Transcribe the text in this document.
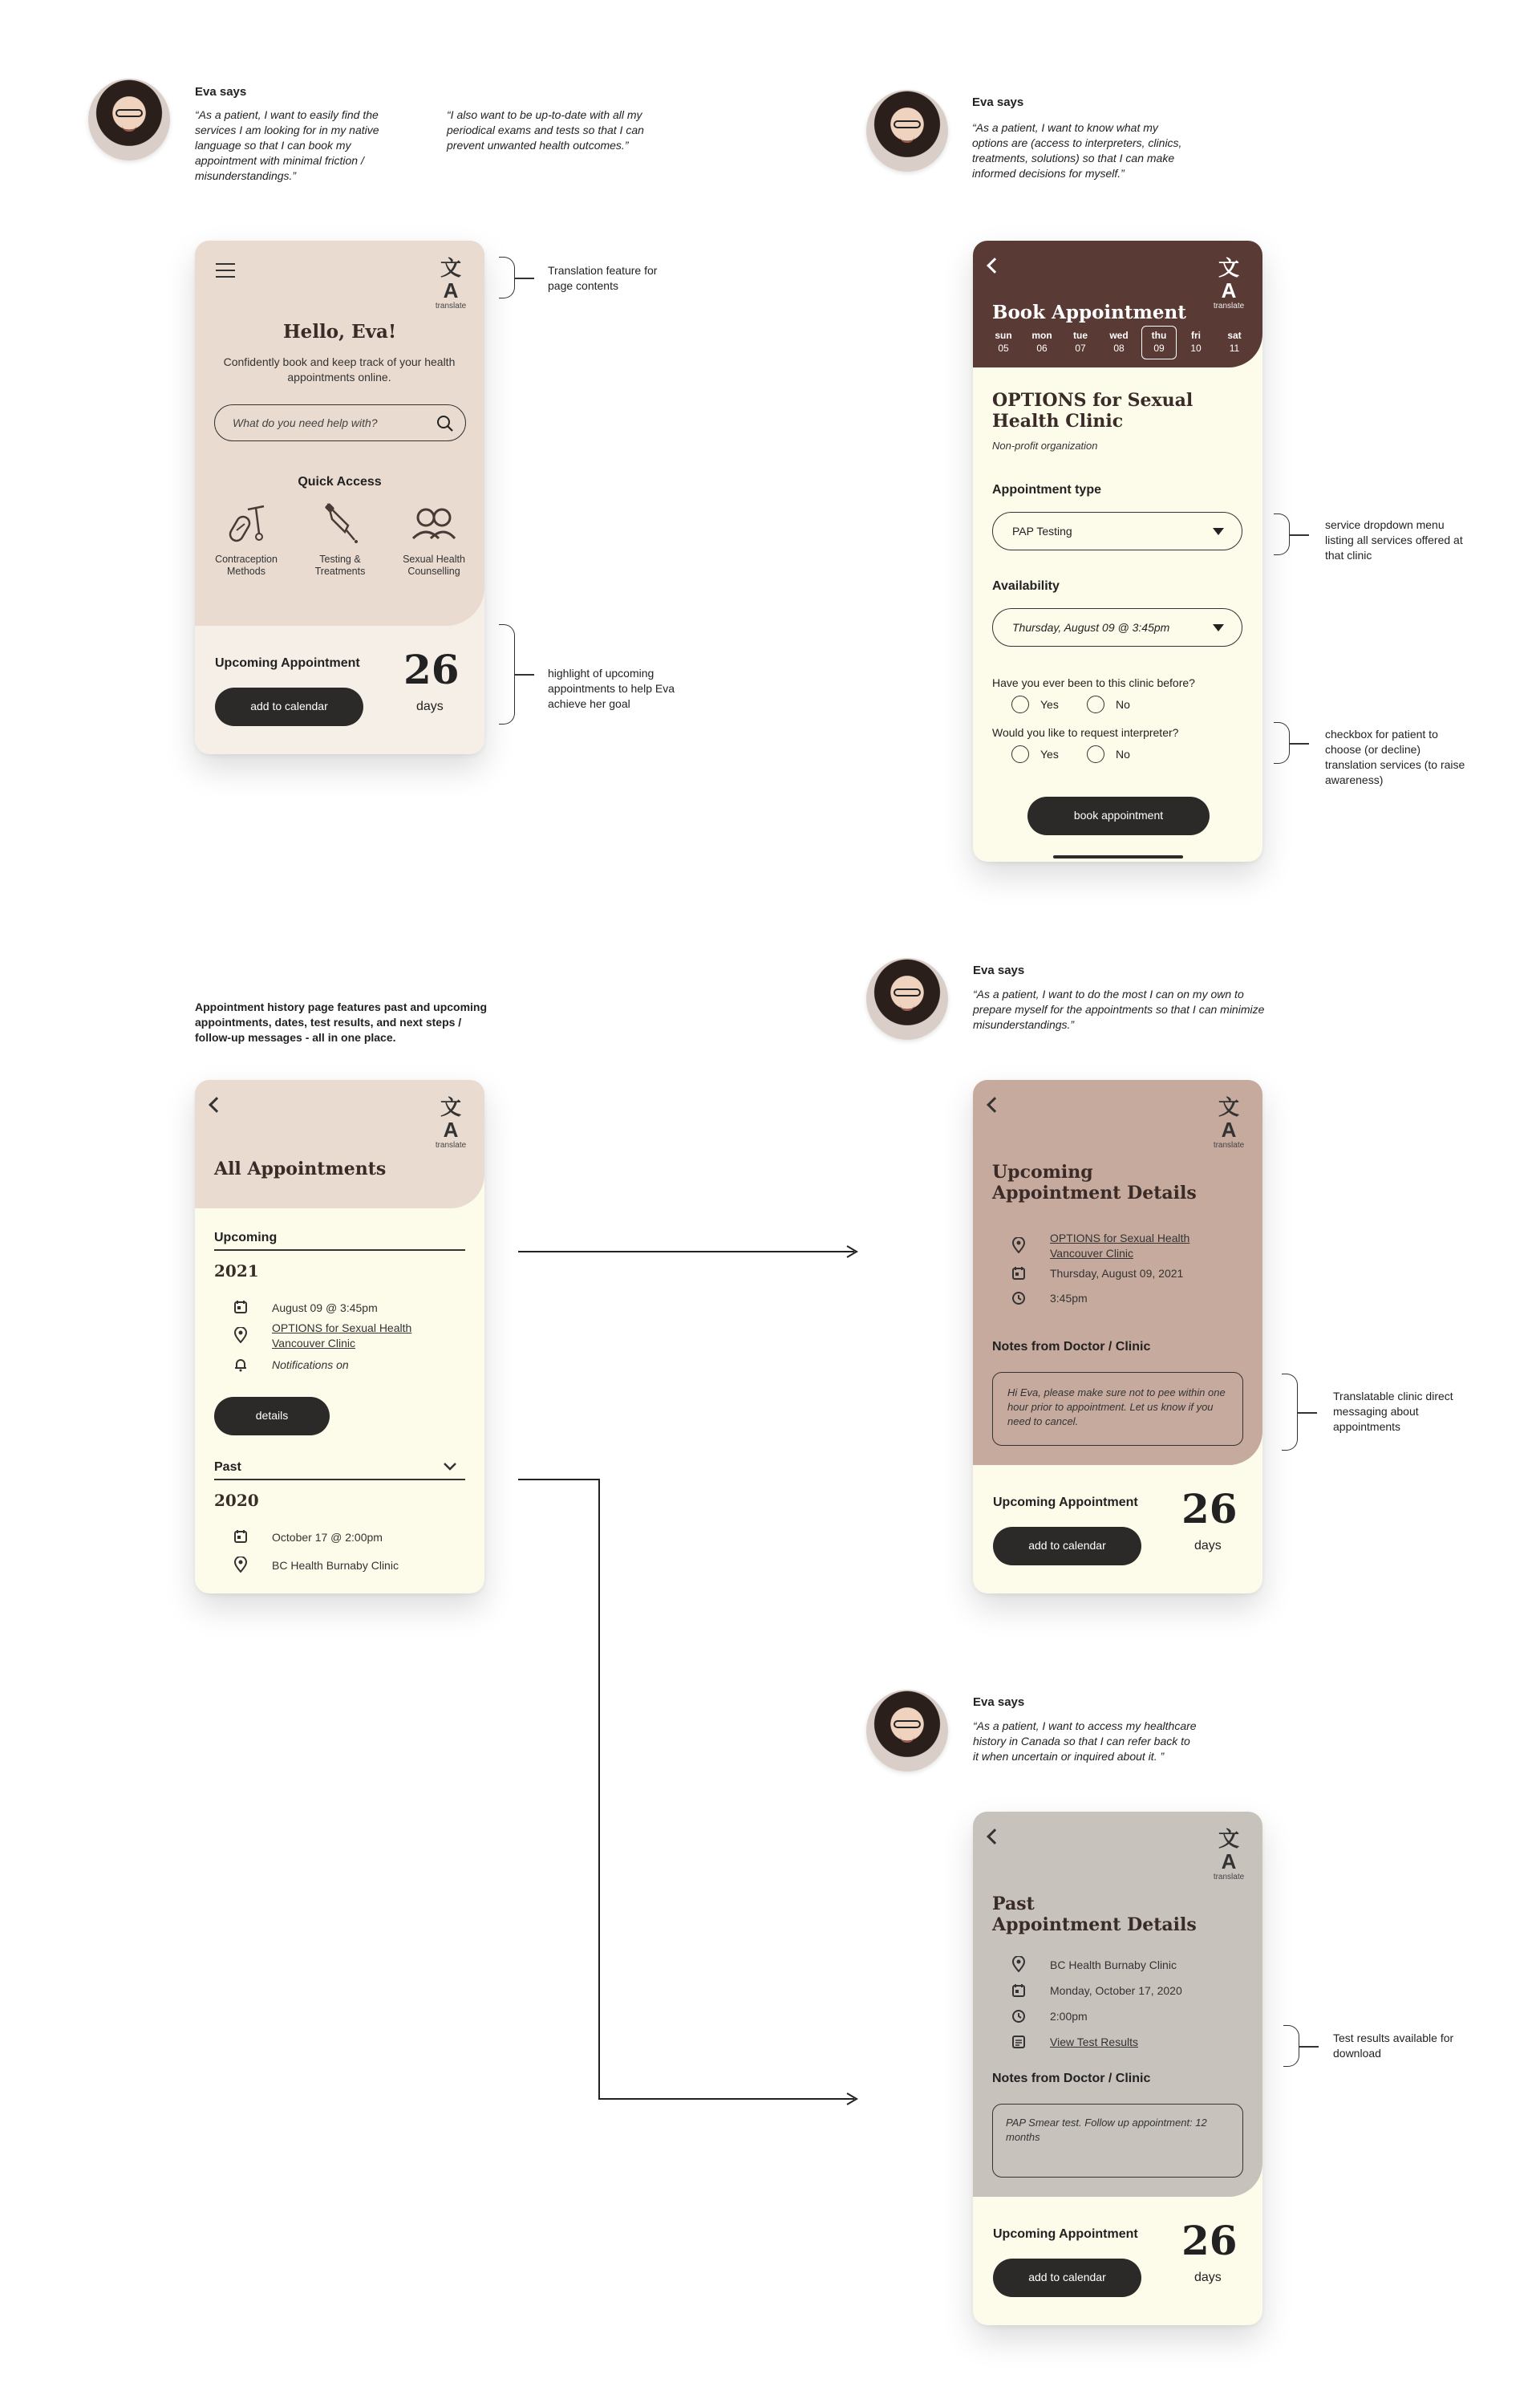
Eva says
“As a patient, I want to easily find the services I am looking for in my native language so that I can book my appointment with minimal friction / misunderstandings.”
“I also want to be up-to-date with all my periodical exams and tests so that I can prevent unwanted health outcomes.”
Eva says
“As a patient, I want to know what my options are (access to interpreters, clinics, treatments, solutions) so that I can make informed decisions for myself.”
文A
translate
Hello, Eva!
Confidently book and keep track of your health appointments online.
What do you need help with?
Quick Access
Contraception Methods
Testing & Treatments
Sexual Health Counselling
Upcoming Appointment
add to calendar
26
days
Translation feature for page contents
highlight of upcoming appointments to help Eva achieve her goal
文A
translate
Book Appointment
sun
05
mon
06
tue
07
wed
08
thu
09
fri
10
sat
11
OPTIONS for Sexual Health Clinic
Non-profit organization
Appointment type
PAP Testing
Availability
Thursday, August 09 @ 3:45pm
Have you ever been to this clinic before?
Yes	No
Would you like to request interpreter?
Yes	No
book appointment
service dropdown menu listing all services offered at that clinic
checkbox for patient to choose (or decline) translation services (to raise awareness)
Appointment history page features past and upcoming appointments, dates, test results, and next steps / follow-up messages - all in one place.
文A
translate
All Appointments
Upcoming
2021
August 09 @ 3:45pm
OPTIONS for Sexual Health Vancouver Clinic
Notifications on
details
Past
2020
October 17 @ 2:00pm
BC Health Burnaby Clinic
Eva says
“As a patient, I want to do the most I can on my own to prepare myself for the appointments so that I can minimize misunderstandings.”
文A
translate
Upcoming
Appointment Details
OPTIONS for Sexual Health Vancouver Clinic
Thursday, August 09, 2021
3:45pm
Notes from Doctor / Clinic
Hi Eva, please make sure not to pee within one hour prior to appointment. Let us know if you need to cancel.
Upcoming Appointment
add to calendar
26
days
Translatable clinic direct messaging about appointments
Eva says
“As a patient, I want to access my healthcare history in Canada so that I can refer back to it when uncertain or inquired about it. ”
文A
translate
Past
Appointment Details
BC Health Burnaby Clinic
Monday, October 17, 2020
2:00pm
View Test Results
Notes from Doctor / Clinic
PAP Smear test. Follow up appointment: 12 months
Upcoming Appointment
add to calendar
26
days
Test results available for download
